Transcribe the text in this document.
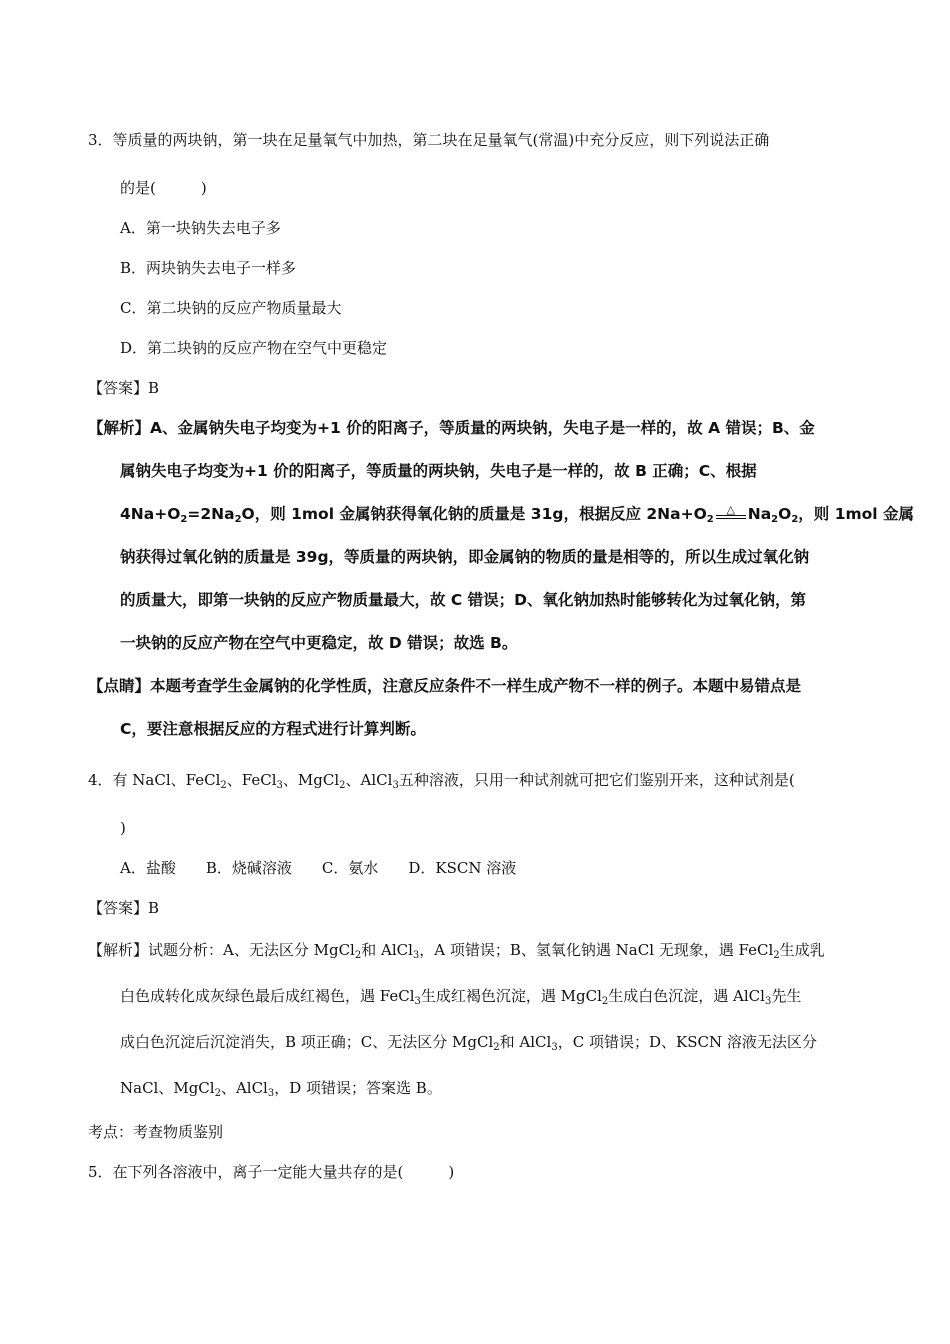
3．等质量的两块钠，第一块在足量氧气中加热，第二块在足量氧气(常温)中充分反应，则下列说法正确
的是(　　　)
A．第一块钠失去电子多
B．两块钠失去电子一样多
C．第二块钠的反应产物质量最大
D．第二块钠的反应产物在空气中更稳定
【答案】B
【解析】A、金属钠失电子均变为+1 价的阳离子，等质量的两块钠，失电子是一样的，故 A 错误；B、金
属钠失电子均变为+1 价的阳离子，等质量的两块钠，失电子是一样的，故 B 正确；C、根据
$4Na+O_2=2Na_2O$，则 1mol 金属钠获得氧化钠的质量是 31g，根据反应 $2Na+O_2\triangle$ $Na_2O_2$，则 1mol 金属
钠获得过氧化钠的质量是 39g，等质量的两块钠，即金属钠的物质的量是相等的，所以生成过氧化钠
的质量大，即第一块钠的反应产物质量最大，故 C 错误；D、氧化钠加热时能够转化为过氧化钠，第
一块钠的反应产物在空气中更稳定，故 D 错误；故选 B。
【点睛】本题考查学生金属钠的化学性质，注意反应条件不一样生成产物不一样的例子。本题中易错点是
C，要注意根据反应的方程式进行计算判断。
4．有 NaCl、FeCl$_2$、FeCl$_3$、MgCl$_2$、AlCl$_3$五种溶液，只用一种试剂就可把它们鉴别开来，这种试剂是(
)
A．盐酸　　B．烧碱溶液　　C．氨水　　D．KSCN 溶液
【答案】B
【解析】试题分析：A、无法区分 MgCl$_2$和 AlCl$_3$，A 项错误；B、氢氧化钠遇 NaCl 无现象，遇 FeCl$_2$生成乳
白色成转化成灰绿色最后成红褐色，遇 FeCl$_3$生成红褐色沉淀，遇 MgCl$_2$生成白色沉淀，遇 AlCl$_3$先生
成白色沉淀后沉淀消失，B 项正确；C、无法区分 MgCl$_2$和 AlCl$_3$，C 项错误；D、KSCN 溶液无法区分
NaCl、MgCl$_2$、AlCl$_3$，D 项错误；答案选 B。
考点：考查物质鉴别
5．在下列各溶液中，离子一定能大量共存的是(　　　)
